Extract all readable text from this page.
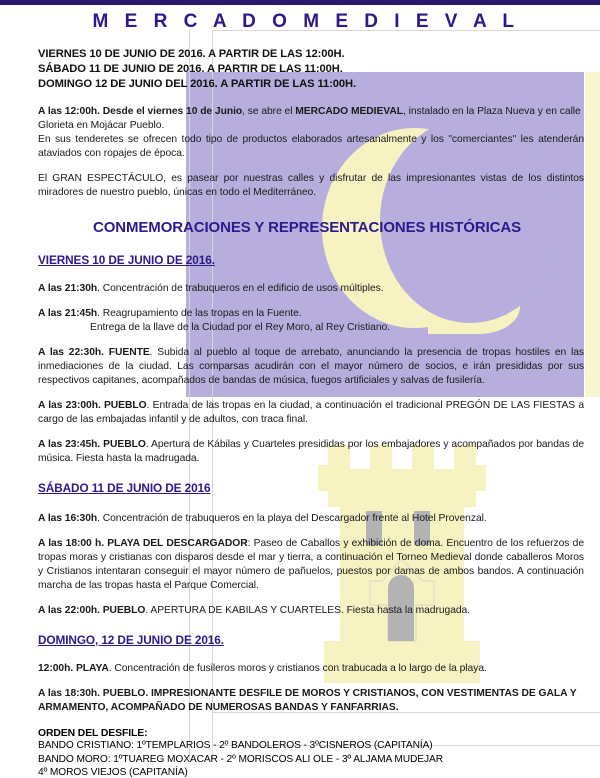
M E R C A D O M E D I E V A L
VIERNES 10 DE JUNIO DE 2016. A PARTIR DE LAS 12:00H.
SÁBADO 11 DE JUNIO DE 2016. A PARTIR DE LAS 11:00H.
DOMINGO 12 DE JUNIO DEL 2016. A PARTIR DE LAS 11:00H.

A las 12:00h. Desde el viernes 10 de Junio, se abre el MERCADO MEDIEVAL, instalado en la Plaza Nueva y en calle Glorieta en Mojácar Pueblo.

En sus tenderetes se ofrecen todo tipo de productos elaborados artesanalmente y los "comerciantes" les atenderán ataviados con ropajes de época.

El GRAN ESPECTÁCULO, es pasear por nuestras calles y disfrutar de las impresionantes vistas de los distintos miradores de nuestro pueblo, únicas en todo el Mediterráneo.

CONMEMORACIONES Y REPRESENTACIONES HISTÓRICAS

VIERNES 10 DE JUNIO DE 2016.

A las 21:30h. Concentración de trabuqueros en el edificio de usos múltiples.

A las 21:45h. Reagrupamiento de las tropas en la Fuente.
Entrega de la llave de la Ciudad por el Rey Moro, al Rey Cristiano.

A las 22:30h. FUENTE. Subida al pueblo al toque de arrebato, anunciando la presencia de tropas hostiles en las inmediaciones de la ciudad. Las comparsas acudirán con el mayor número de socios, e irán presididas por sus respectivos capitanes, acompañados de bandas de música, fuegos artificiales y salvas de fusilería.

A las 23:00h. PUEBLO. Entrada de las tropas en la ciudad, a continuación el tradicional PREGÓN DE LAS FIESTAS a cargo de las embajadas infantil y de adultos, con traca final.

A las 23:45h. PUEBLO. Apertura de Kábilas y Cuarteles presididas por los embajadores y acompañados por bandas de música. Fiesta hasta la madrugada.

SÁBADO 11 DE JUNIO DE 2016

A las 16:30h. Concentración de trabuqueros en la playa del Descargador frente al Hotel Provenzal.

A las 18:00 h. PLAYA DEL DESCARGADOR: Paseo de Caballos y exhibición de doma. Encuentro de los refuerzos de tropas moras y cristianas con disparos desde el mar y tierra, a continuación el Torneo Medieval donde caballeros Moros y Cristianos intentaran conseguir el mayor número de pañuelos, puestos por damas de ambos bandos. A continuación marcha de las tropas hasta el Parque Comercial.

A las 22:00h. PUEBLO. APERTURA DE KABILAS Y CUARTELES. Fiesta hasta la madrugada.

DOMINGO, 12 DE JUNIO DE 2016.

12:00h. PLAYA. Concentración de fusileros moros y cristianos con trabucada a lo largo de la playa.

A las 18:30h. PUEBLO. IMPRESIONANTE DESFILE DE MOROS Y CRISTIANOS, CON VESTIMENTAS DE GALA Y ARMAMENTO, ACOMPAÑADO DE NUMEROSAS BANDAS Y FANFARRIAS.

ORDEN DEL DESFILE:

BANDO CRISTIANO: 1ºTEMPLARIOS - 2º BANDOLEROS - 3ºCISNEROS (CAPITANÍA)

BANDO MORO: 1ºTUAREG MOXACAR - 2º MORISCOS ALI OLE - 3º ALJAMA MUDEJAR

4º MOROS VIEJOS (CAPITANÍA)
